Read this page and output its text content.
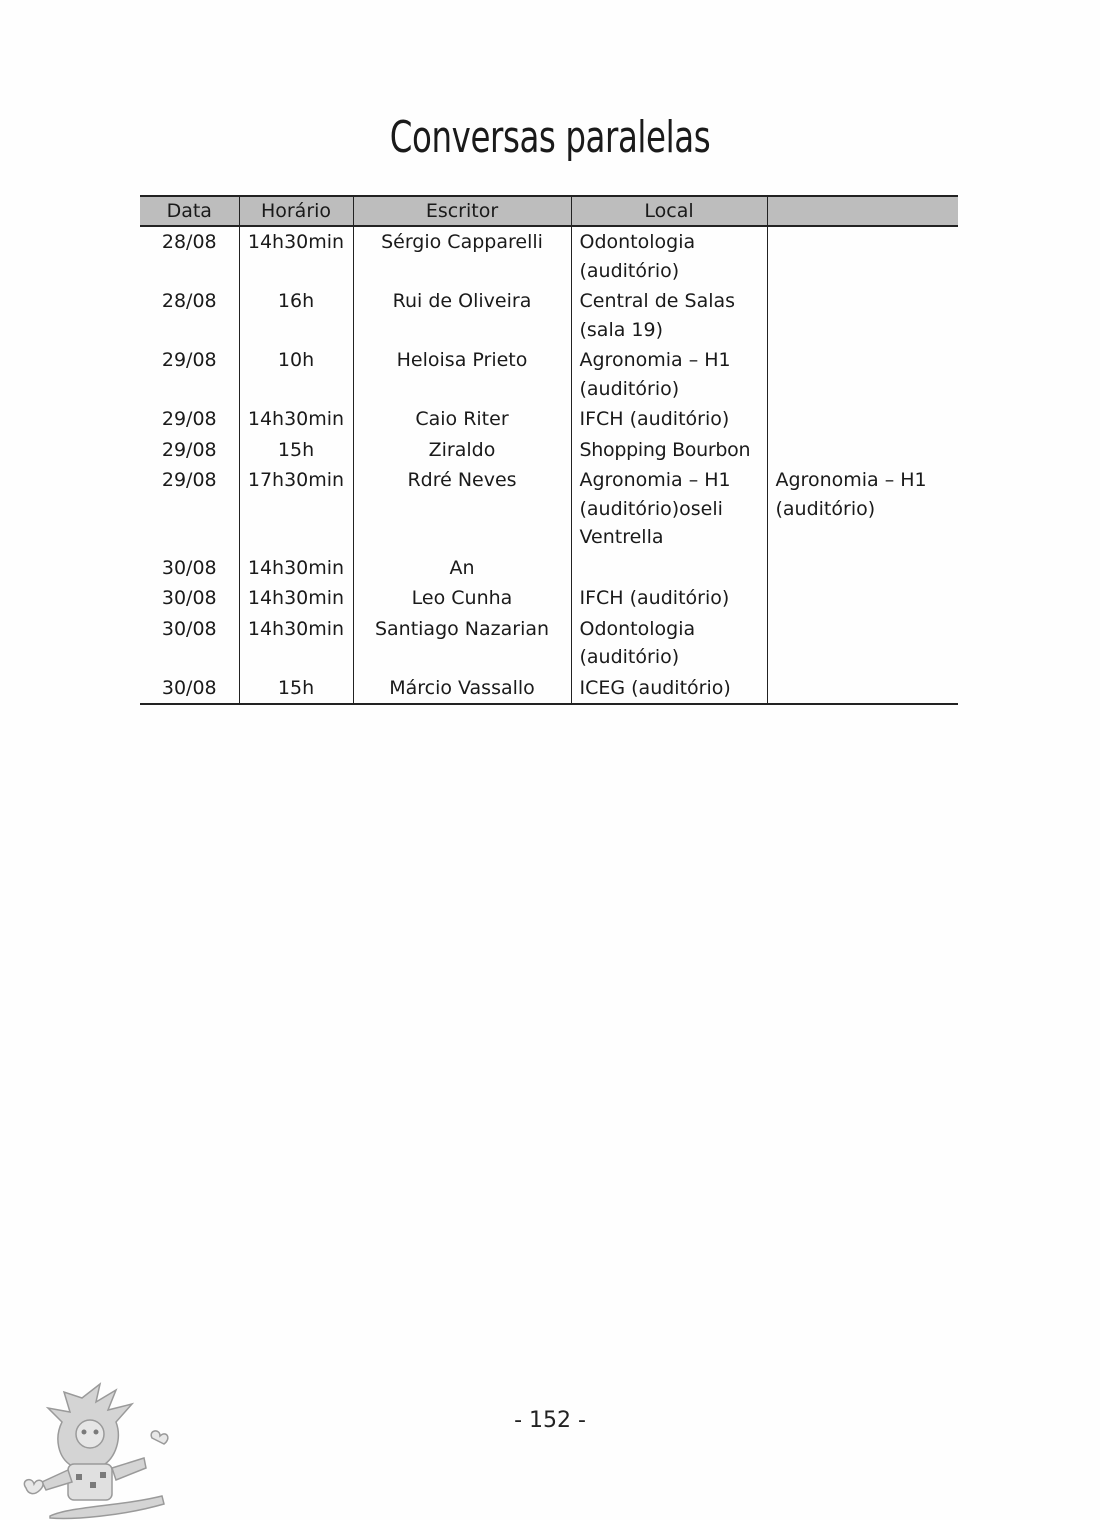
Conversas paralelas
Data	Horário	Escritor	Local	
28/08	14h30min	Sérgio Capparelli	Odontologia (auditório)	
28/08	16h	Rui de Oliveira	Central de Salas (sala 19)	
29/08	10h	Heloisa Prieto	Agronomia – H1 (auditório)	
29/08	14h30min	Caio Riter	IFCH (auditório)	
29/08	15h	Ziraldo	Shopping Bourbon	
29/08	17h30min	Rdré Neves	Agronomia – H1 (auditório)oseli Ventrella	Agronomia – H1 (auditório)
30/08	14h30min	An		
30/08	14h30min	Leo Cunha	IFCH (auditório)	
30/08	14h30min	Santiago Nazarian	Odontologia (auditório)	
30/08	15h	Márcio Vassallo	ICEG (auditório)	
- 152 -
